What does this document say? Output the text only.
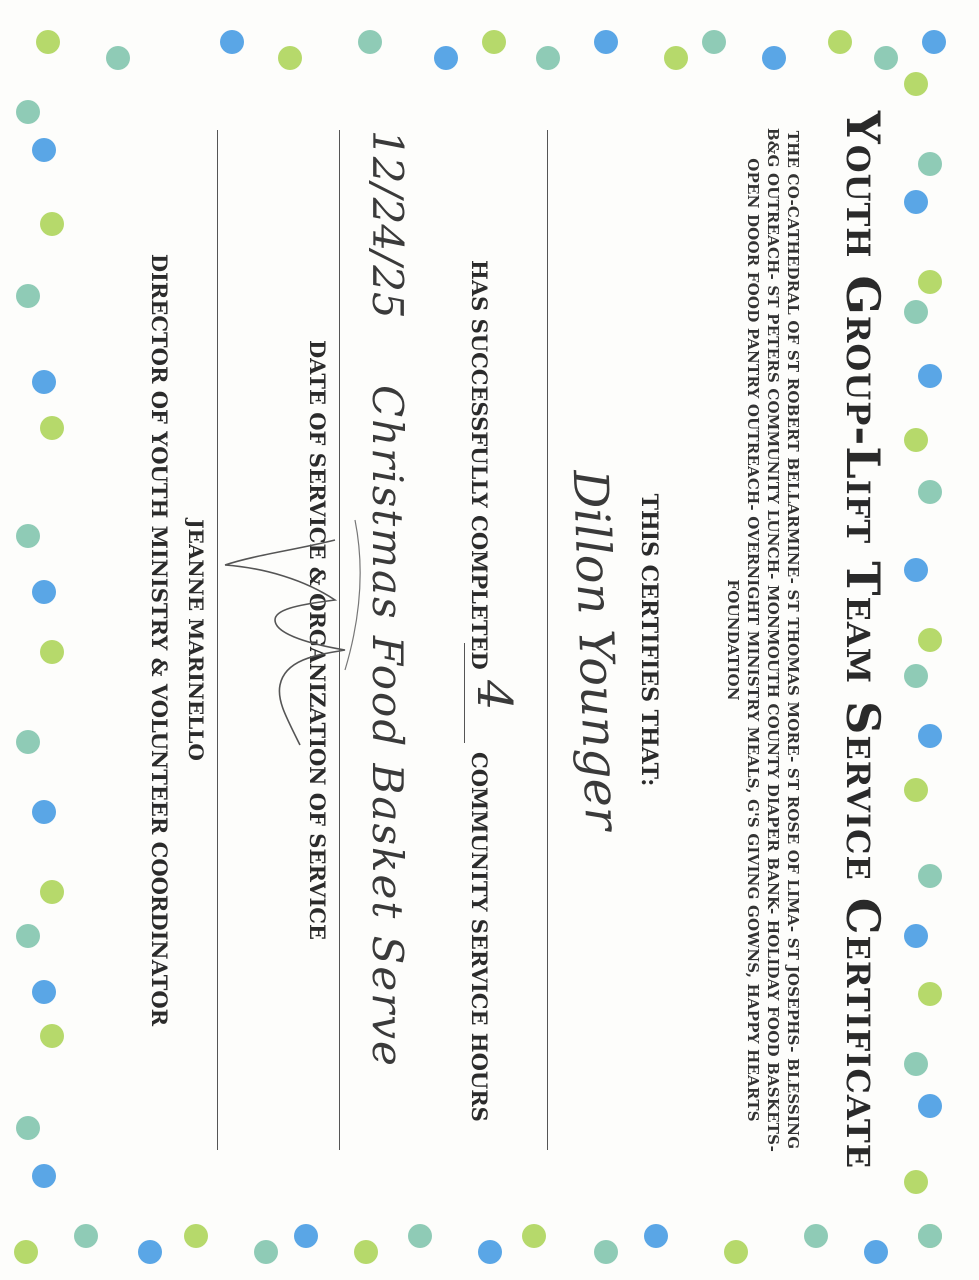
Youth Group-Lift Team Service Certificate
THE CO-CATHEDRAL OF ST ROBERT BELLARMINE- ST THOMAS MORE- ST ROSE OF LIMA- ST JOSEPHS- BLESSING
B&G OUTREACH- ST PETERS COMMUNITY LUNCH- MONMOUTH COUNTY DIAPER BANK- HOLIDAY FOOD BASKETS-
OPEN DOOR FOOD PANTRY OUTREACH- OVERNIGHT MINISTRY MEALS, G'S GIVING GOWNS, HAPPY HEARTS
FOUNDATION
THIS CERTIFIES THAT:
Dillon Younger
HAS SUCCESSFULLY COMPLETED
4
COMMUNITY SERVICE HOURS
12/24/25
Christmas Food Basket Serve
DATE OF SERVICE & ORGANIZATION OF SERVICE
JEANNE MARINELLO
DIRECTOR OF YOUTH MINISTRY & VOLUNTEER COORDINATOR
